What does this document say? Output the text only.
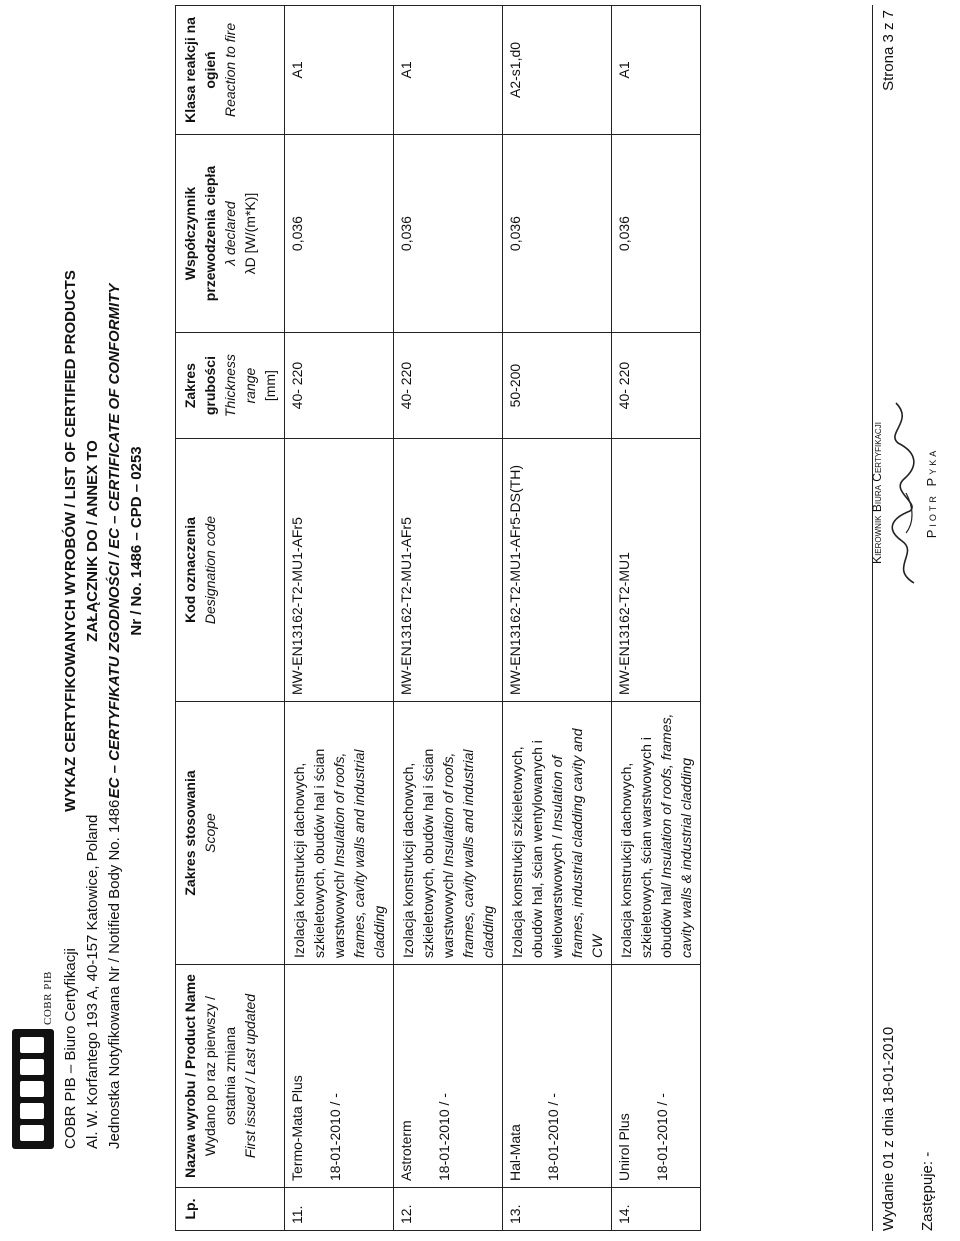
COBR PIB COBR PIB – Biuro Certyfikacji Al. W. Korfantego 193 A, 40-157 Katowice, Poland Jednostka Notyfikowana Nr / Notified Body No. 1486
WYKAZ CERTYFIKOWANYCH WYROBÓW / LIST OF CERTIFIED PRODUCTS ZAŁĄCZNIK DO / ANNEX TO EC – CERTYFIKATU ZGODNOŚCI / EC – CERTIFICATE OF CONFORMITY Nr / No. 1486 – CPD – 0253
Lp.	Nazwa wyrobu / Product Name Wydano po raz pierwszy / ostatnia zmiana First issued / Last updated	Zakres stosowania Scope	Kod oznaczenia Designation code	Zakres grubości Thickness range [mm]	Współczynnik przewodzenia ciepła λ declared λD [W/(m*K)]	Klasa reakcji na ogień Reaction to fire

11.	Termo-Mata Plus 18-01-2010 / -	Izolacja konstrukcji dachowych, szkieletowych, obudów hal i ścian warstwowych/ Insulation of roofs, frames, cavity walls and industrial cladding	MW-EN13162-T2-MU1-AFr5	40- 220	0,036	A1
12.	Astroterm 18-01-2010 / -	Izolacja konstrukcji dachowych, szkieletowych, obudów hal i ścian warstwowych/ Insulation of roofs, frames, cavity walls and industrial cladding	MW-EN13162-T2-MU1-AFr5	40- 220	0,036	A1
13.	Hal-Mata 18-01-2010 / -	Izolacja konstrukcji szkieletowych, obudów hal, ścian wentylowanych i wielowarstwowych / Insulation of frames, industrial cladding cavity and CW	MW-EN13162-T2-MU1-AFr5-DS(TH)	50-200	0,036	A2-s1,d0
14.	Unirol Plus 18-01-2010 / -	Izolacja konstrukcji dachowych, szkieletowych, ścian warstwowych i obudów hal/ Insulation of roofs, frames, cavity walls & industrial cladding	MW-EN13162-T2-MU1	40- 220	0,036	A1
Wydanie 01 z dnia 18-01-2010 Zastępuje: -
Kierownik Biura Certyfikacji	Piotr Pyka
Strona 3 z 7
